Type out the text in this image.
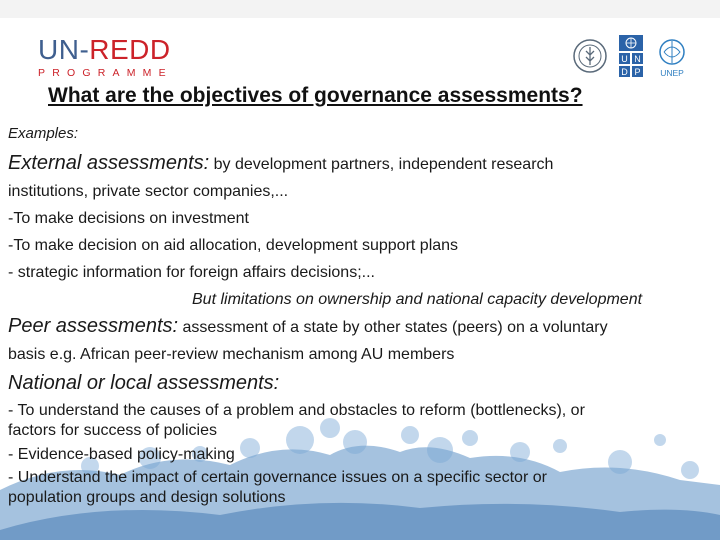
UN-REDD
PROGRAMME
U N
D P UNEP
What are the objectives of governance assessments?
Examples:
External assessments: by development partners, independent research
institutions, private sector companies,...
-To make decisions on investment
-To make decision on aid allocation, development support plans
- strategic information for foreign affairs decisions;...
But limitations on ownership and national capacity development
Peer assessments: assessment of a state by other states (peers) on a voluntary
basis e.g. African peer-review mechanism among AU members
National or local assessments:
- To understand the causes of a problem and obstacles to reform (bottlenecks), or
factors for success of policies
- Evidence-based policy-making
- Understand the impact of certain governance issues on a specific sector or
population groups and design solutions
